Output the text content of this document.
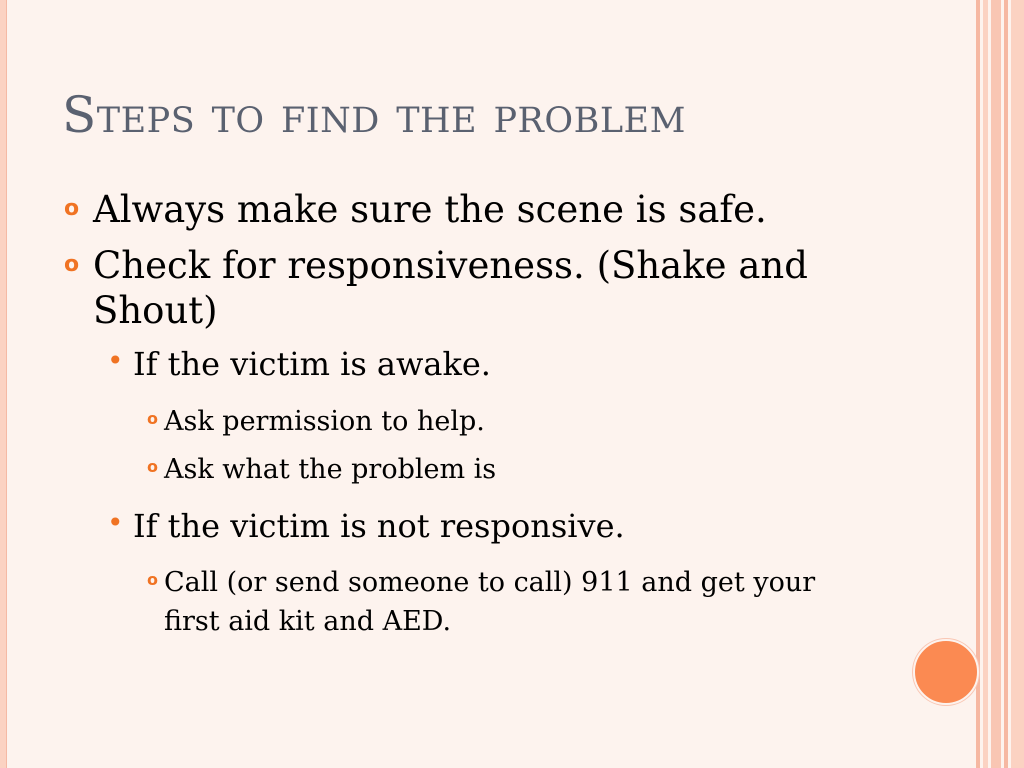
Steps to find the problem
o Always make sure the scene is safe.
o Check for responsiveness. (Shake and Shout)
• If the victim is awake.
o Ask permission to help.
o Ask what the problem is
• If the victim is not responsive.
o Call (or send someone to call) 911 and get your first aid kit and AED.
